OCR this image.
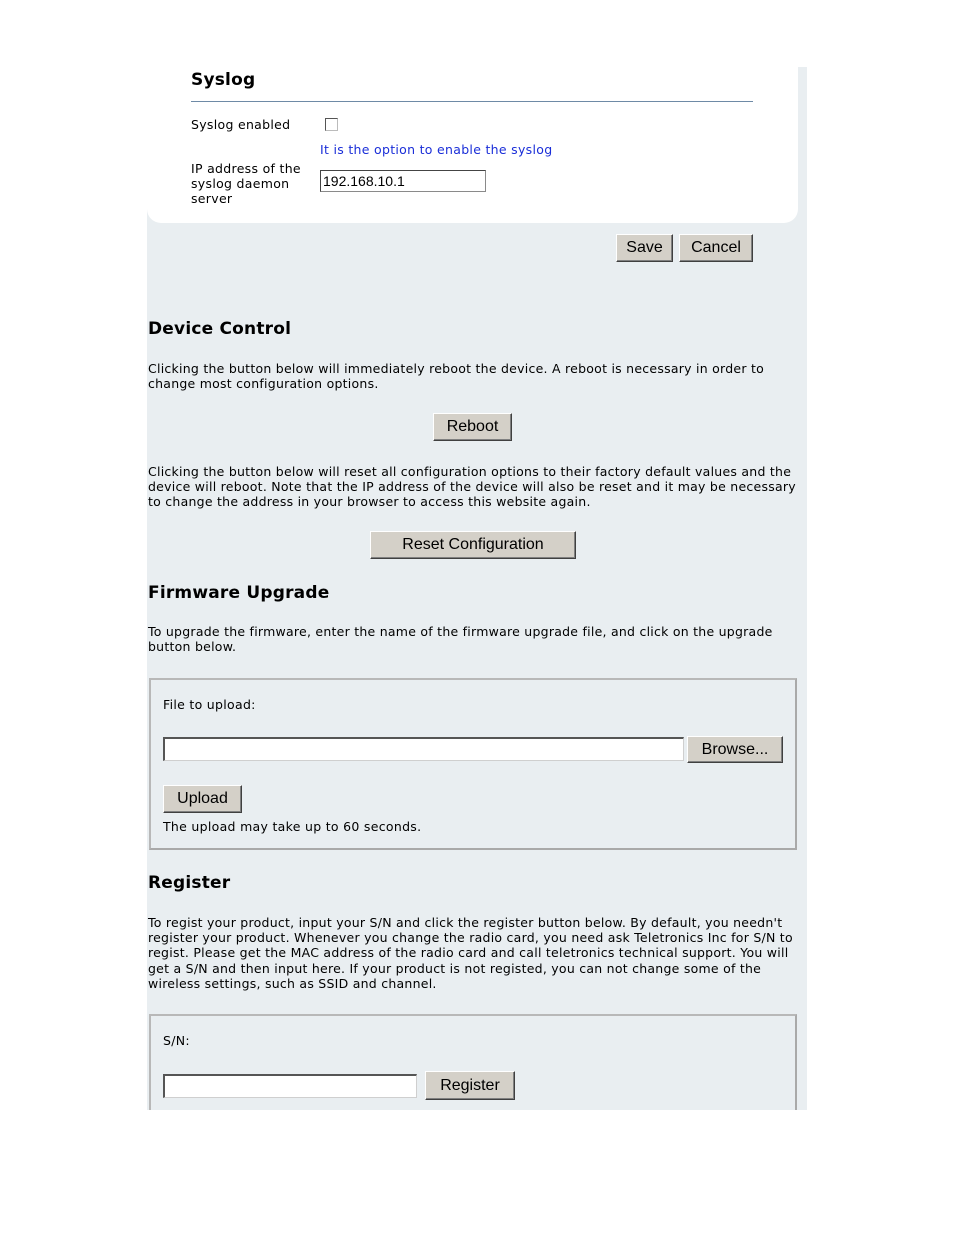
Syslog
Syslog enabled
It is the option to enable the syslog
IP address of the
syslog daemon
server
192.168.10.1
Save	Cancel
Device Control
Clicking the button below will immediately reboot the device. A reboot is necessary in order to change most configuration options.
Reboot
Clicking the button below will reset all configuration options to their factory default values and the device will reboot. Note that the IP address of the device will also be reset and it may be necessary to change the address in your browser to access this website again.
Reset Configuration
Firmware Upgrade
To upgrade the firmware, enter the name of the firmware upgrade file, and click on the upgrade button below.
File to upload:
Browse...
Upload
The upload may take up to 60 seconds.
Register
To regist your product, input your S/N and click the register button below. By default, you needn't register your product. Whenever you change the radio card, you need ask Teletronics Inc for S/N to regist. Please get the MAC address of the radio card and call teletronics technical support. You will get a S/N and then input here. If your product is not registed, you can not change some of the wireless settings, such as SSID and channel.
S/N:
Register
